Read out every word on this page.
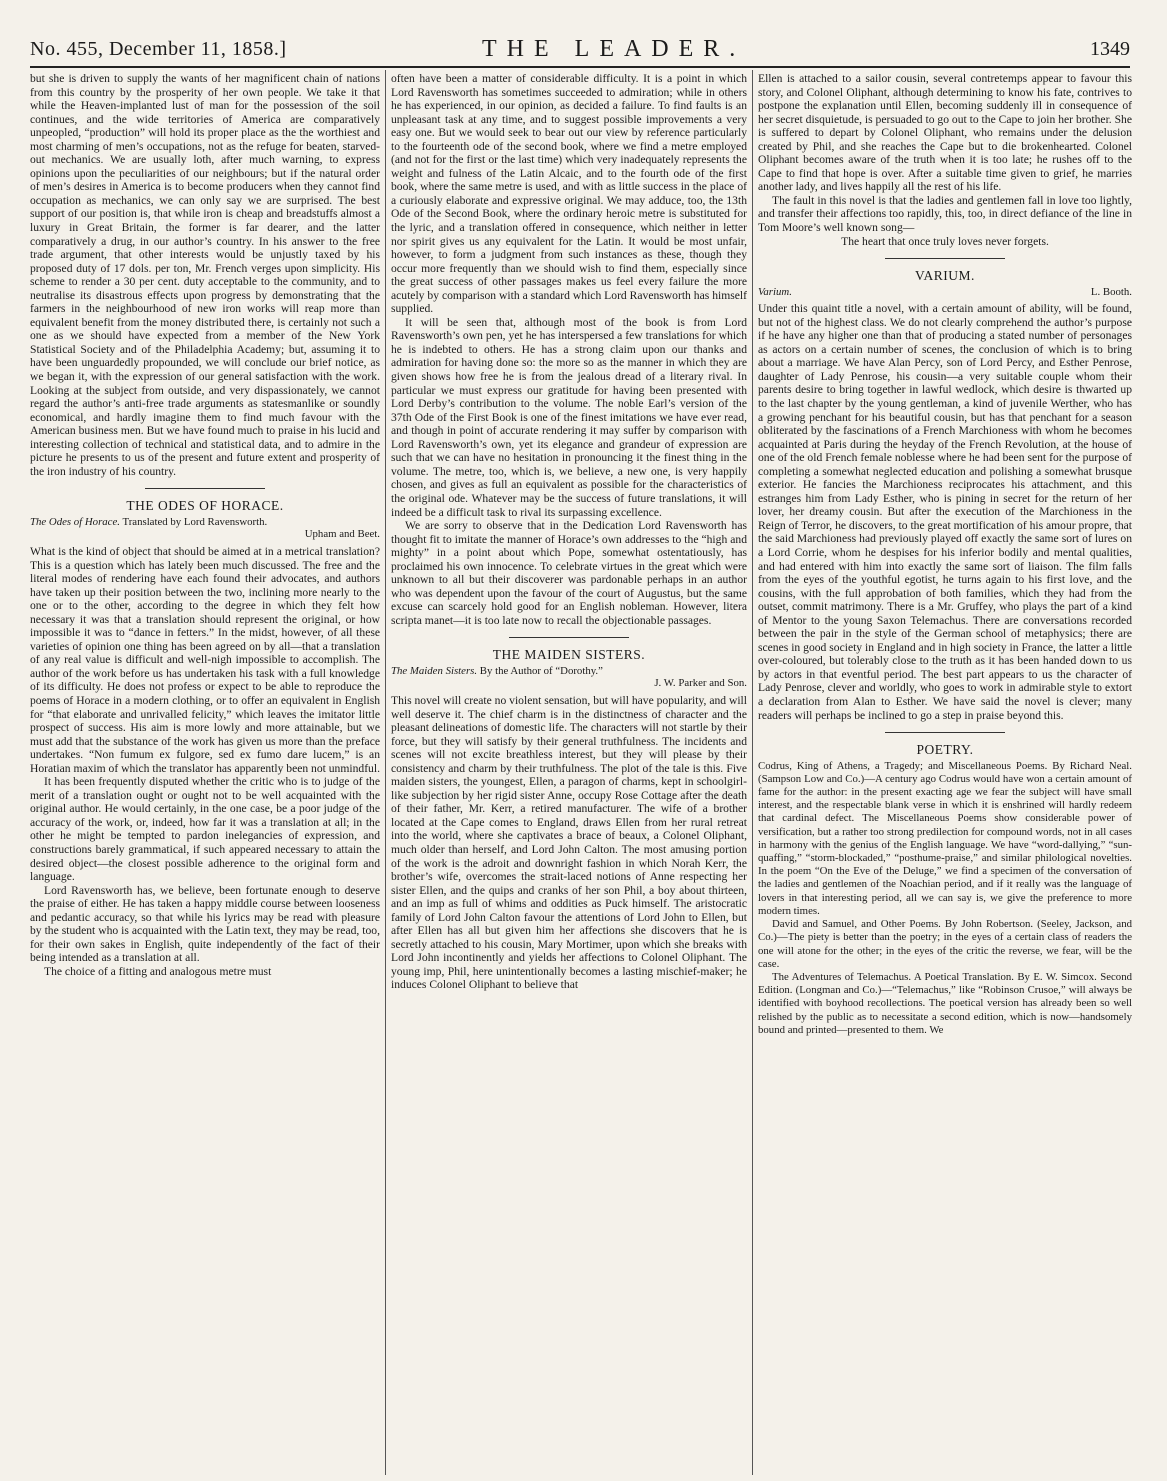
No. 455, December 11, 1858.]	THE LEADER.	1349

but she is driven to supply the wants of her magnificent chain of nations from this country by the prosperity of her own people. We take it that while the Heaven-implanted lust of man for the possession of the soil continues, and the wide territories of America are comparatively unpeopled, “production” will hold its proper place as the the worthiest and most charming of men’s occupations, not as the refuge for beaten, starved-out mechanics. We are usually loth, after much warning, to express opinions upon the peculiarities of our neighbours; but if the natural order of men’s desires in America is to become producers when they cannot find occupation as mechanics, we can only say we are surprised. The best support of our position is, that while iron is cheap and breadstuffs almost a luxury in Great Britain, the former is far dearer, and the latter comparatively a drug, in our author’s country. In his answer to the free trade argument, that other interests would be unjustly taxed by his proposed duty of 17 dols. per ton, Mr. French verges upon simplicity. His scheme to render a 30 per cent. duty acceptable to the community, and to neutralise its disastrous effects upon progress by demonstrating that the farmers in the neighbourhood of new iron works will reap more than equivalent benefit from the money distributed there, is certainly not such a one as we should have expected from a member of the New York Statistical Society and of the Philadelphia Academy; but, assuming it to have been unguardedly propounded, we will conclude our brief notice, as we began it, with the expression of our general satisfaction with the work. Looking at the subject from outside, and very dispassionately, we cannot regard the author’s anti-free trade arguments as statesmanlike or soundly economical, and hardly imagine them to find much favour with the American business men. But we have found much to praise in his lucid and interesting collection of technical and statistical data, and to admire in the picture he presents to us of the present and future extent and prosperity of the iron industry of his country.

THE ODES OF HORACE.
The Odes of Horace. Translated by Lord Ravensworth.
Upham and Beet.

What is the kind of object that should be aimed at in a metrical translation? This is a question which has lately been much discussed. The free and the literal modes of rendering have each found their advocates, and authors have taken up their position between the two, inclining more nearly to the one or to the other, according to the degree in which they felt how necessary it was that a translation should represent the original, or how impossible it was to “dance in fetters.” In the midst, however, of all these varieties of opinion one thing has been agreed on by all—that a translation of any real value is difficult and well-nigh impossible to accomplish. The author of the work before us has undertaken his task with a full knowledge of its difficulty. He does not profess or expect to be able to reproduce the poems of Horace in a modern clothing, or to offer an equivalent in English for “that elaborate and unrivalled felicity,” which leaves the imitator little prospect of success. His aim is more lowly and more attainable, but we must add that the substance of the work has given us more than the preface undertakes. “Non fumum ex fulgore, sed ex fumo dare lucem,” is an Horatian maxim of which the translator has apparently been not unmindful.

It has been frequently disputed whether the critic who is to judge of the merit of a translation ought or ought not to be well acquainted with the original author. He would certainly, in the one case, be a poor judge of the accuracy of the work, or, indeed, how far it was a translation at all; in the other he might be tempted to pardon inelegancies of expression, and constructions barely grammatical, if such appeared necessary to attain the desired object—the closest possible adherence to the original form and language.

Lord Ravensworth has, we believe, been fortunate enough to deserve the praise of either. He has taken a happy middle course between looseness and pedantic accuracy, so that while his lyrics may be read with pleasure by the student who is acquainted with the Latin text, they may be read, too, for their own sakes in English, quite independently of the fact of their being intended as a translation at all.

The choice of a fitting and analogous metre must

often have been a matter of considerable difficulty. It is a point in which Lord Ravensworth has sometimes succeeded to admiration; while in others he has experienced, in our opinion, as decided a failure. To find faults is an unpleasant task at any time, and to suggest possible improvements a very easy one. But we would seek to bear out our view by reference particularly to the fourteenth ode of the second book, where we find a metre employed (and not for the first or the last time) which very inadequately represents the weight and fulness of the Latin Alcaic, and to the fourth ode of the first book, where the same metre is used, and with as little success in the place of a curiously elaborate and expressive original. We may adduce, too, the 13th Ode of the Second Book, where the ordinary heroic metre is substituted for the lyric, and a translation offered in consequence, which neither in letter nor spirit gives us any equivalent for the Latin. It would be most unfair, however, to form a judgment from such instances as these, though they occur more frequently than we should wish to find them, especially since the great success of other passages makes us feel every failure the more acutely by comparison with a standard which Lord Ravensworth has himself supplied.

It will be seen that, although most of the book is from Lord Ravensworth’s own pen, yet he has interspersed a few translations for which he is indebted to others. He has a strong claim upon our thanks and admiration for having done so: the more so as the manner in which they are given shows how free he is from the jealous dread of a literary rival. In particular we must express our gratitude for having been presented with Lord Derby’s contribution to the volume. The noble Earl’s version of the 37th Ode of the First Book is one of the finest imitations we have ever read, and though in point of accurate rendering it may suffer by comparison with Lord Ravensworth’s own, yet its elegance and grandeur of expression are such that we can have no hesitation in pronouncing it the finest thing in the volume. The metre, too, which is, we believe, a new one, is very happily chosen, and gives as full an equivalent as possible for the characteristics of the original ode. Whatever may be the success of future translations, it will indeed be a difficult task to rival its surpassing excellence.

We are sorry to observe that in the Dedication Lord Ravensworth has thought fit to imitate the manner of Horace’s own addresses to the “high and mighty” in a point about which Pope, somewhat ostentatiously, has proclaimed his own innocence. To celebrate virtues in the great which were unknown to all but their discoverer was pardonable perhaps in an author who was dependent upon the favour of the court of Augustus, but the same excuse can scarcely hold good for an English nobleman. However, litera scripta manet—it is too late now to recall the objectionable passages.

THE MAIDEN SISTERS.
The Maiden Sisters. By the Author of “Dorothy.”
J. W. Parker and Son.

This novel will create no violent sensation, but will have popularity, and will well deserve it. The chief charm is in the distinctness of character and the pleasant delineations of domestic life. The characters will not startle by their force, but they will satisfy by their general truthfulness. The incidents and scenes will not excite breathless interest, but they will please by their consistency and charm by their truthfulness. The plot of the tale is this. Five maiden sisters, the youngest, Ellen, a paragon of charms, kept in schoolgirl-like subjection by her rigid sister Anne, occupy Rose Cottage after the death of their father, Mr. Kerr, a retired manufacturer. The wife of a brother located at the Cape comes to England, draws Ellen from her rural retreat into the world, where she captivates a brace of beaux, a Colonel Oliphant, much older than herself, and Lord John Calton. The most amusing portion of the work is the adroit and downright fashion in which Norah Kerr, the brother’s wife, overcomes the strait-laced notions of Anne respecting her sister Ellen, and the quips and cranks of her son Phil, a boy about thirteen, and an imp as full of whims and oddities as Puck himself. The aristocratic family of Lord John Calton favour the attentions of Lord John to Ellen, but after Ellen has all but given him her affections she discovers that he is secretly attached to his cousin, Mary Mortimer, upon which she breaks with Lord John incontinently and yields her affections to Colonel Oliphant. The young imp, Phil, here unintentionally becomes a lasting mischief-maker; he induces Colonel Oliphant to believe that

Ellen is attached to a sailor cousin, several contretemps appear to favour this story, and Colonel Oliphant, although determining to know his fate, contrives to postpone the explanation until Ellen, becoming suddenly ill in consequence of her secret disquietude, is persuaded to go out to the Cape to join her brother. She is suffered to depart by Colonel Oliphant, who remains under the delusion created by Phil, and she reaches the Cape but to die brokenhearted. Colonel Oliphant becomes aware of the truth when it is too late; he rushes off to the Cape to find that hope is over. After a suitable time given to grief, he marries another lady, and lives happily all the rest of his life.

The fault in this novel is that the ladies and gentlemen fall in love too lightly, and transfer their affections too rapidly, this, too, in direct defiance of the line in Tom Moore’s well known song—

The heart that once truly loves never forgets.

VARIUM.
Varium.	L. Booth.

Under this quaint title a novel, with a certain amount of ability, will be found, but not of the highest class. We do not clearly comprehend the author’s purpose if he have any higher one than that of producing a stated number of personages as actors on a certain number of scenes, the conclusion of which is to bring about a marriage. We have Alan Percy, son of Lord Percy, and Esther Penrose, daughter of Lady Penrose, his cousin—a very suitable couple whom their parents desire to bring together in lawful wedlock, which desire is thwarted up to the last chapter by the young gentleman, a kind of juvenile Werther, who has a growing penchant for his beautiful cousin, but has that penchant for a season obliterated by the fascinations of a French Marchioness with whom he becomes acquainted at Paris during the heyday of the French Revolution, at the house of one of the old French female noblesse where he had been sent for the purpose of completing a somewhat neglected education and polishing a somewhat brusque exterior. He fancies the Marchioness reciprocates his attachment, and this estranges him from Lady Esther, who is pining in secret for the return of her lover, her dreamy cousin. But after the execution of the Marchioness in the Reign of Terror, he discovers, to the great mortification of his amour propre, that the said Marchioness had previously played off exactly the same sort of lures on a Lord Corrie, whom he despises for his inferior bodily and mental qualities, and had entered with him into exactly the same sort of liaison. The film falls from the eyes of the youthful egotist, he turns again to his first love, and the cousins, with the full approbation of both families, which they had from the outset, commit matrimony. There is a Mr. Gruffey, who plays the part of a kind of Mentor to the young Saxon Telemachus. There are conversations recorded between the pair in the style of the German school of metaphysics; there are scenes in good society in England and in high society in France, the latter a little over-coloured, but tolerably close to the truth as it has been handed down to us by actors in that eventful period. The best part appears to us the character of Lady Penrose, clever and worldly, who goes to work in admirable style to extort a declaration from Alan to Esther. We have said the novel is clever; many readers will perhaps be inclined to go a step in praise beyond this.

POETRY.

Codrus, King of Athens, a Tragedy; and Miscellaneous Poems. By Richard Neal. (Sampson Low and Co.)—A century ago Codrus would have won a certain amount of fame for the author: in the present exacting age we fear the subject will have small interest, and the respectable blank verse in which it is enshrined will hardly redeem that cardinal defect. The Miscellaneous Poems show considerable power of versification, but a rather too strong predilection for compound words, not in all cases in harmony with the genius of the English language. We have “word-dallying,” “sun-quaffing,” “storm-blockaded,” “posthume-praise,” and similar philological novelties. In the poem “On the Eve of the Deluge,” we find a specimen of the conversation of the ladies and gentlemen of the Noachian period, and if it really was the language of lovers in that interesting period, all we can say is, we give the preference to more modern times.

David and Samuel, and Other Poems. By John Robertson. (Seeley, Jackson, and Co.)—The piety is better than the poetry; in the eyes of a certain class of readers the one will atone for the other; in the eyes of the critic the reverse, we fear, will be the case.

The Adventures of Telemachus. A Poetical Translation. By E. W. Simcox. Second Edition. (Longman and Co.)—“Telemachus,” like “Robinson Crusoe,” will always be identified with boyhood recollections. The poetical version has already been so well relished by the public as to necessitate a second edition, which is now—handsomely bound and printed—presented to them. We
